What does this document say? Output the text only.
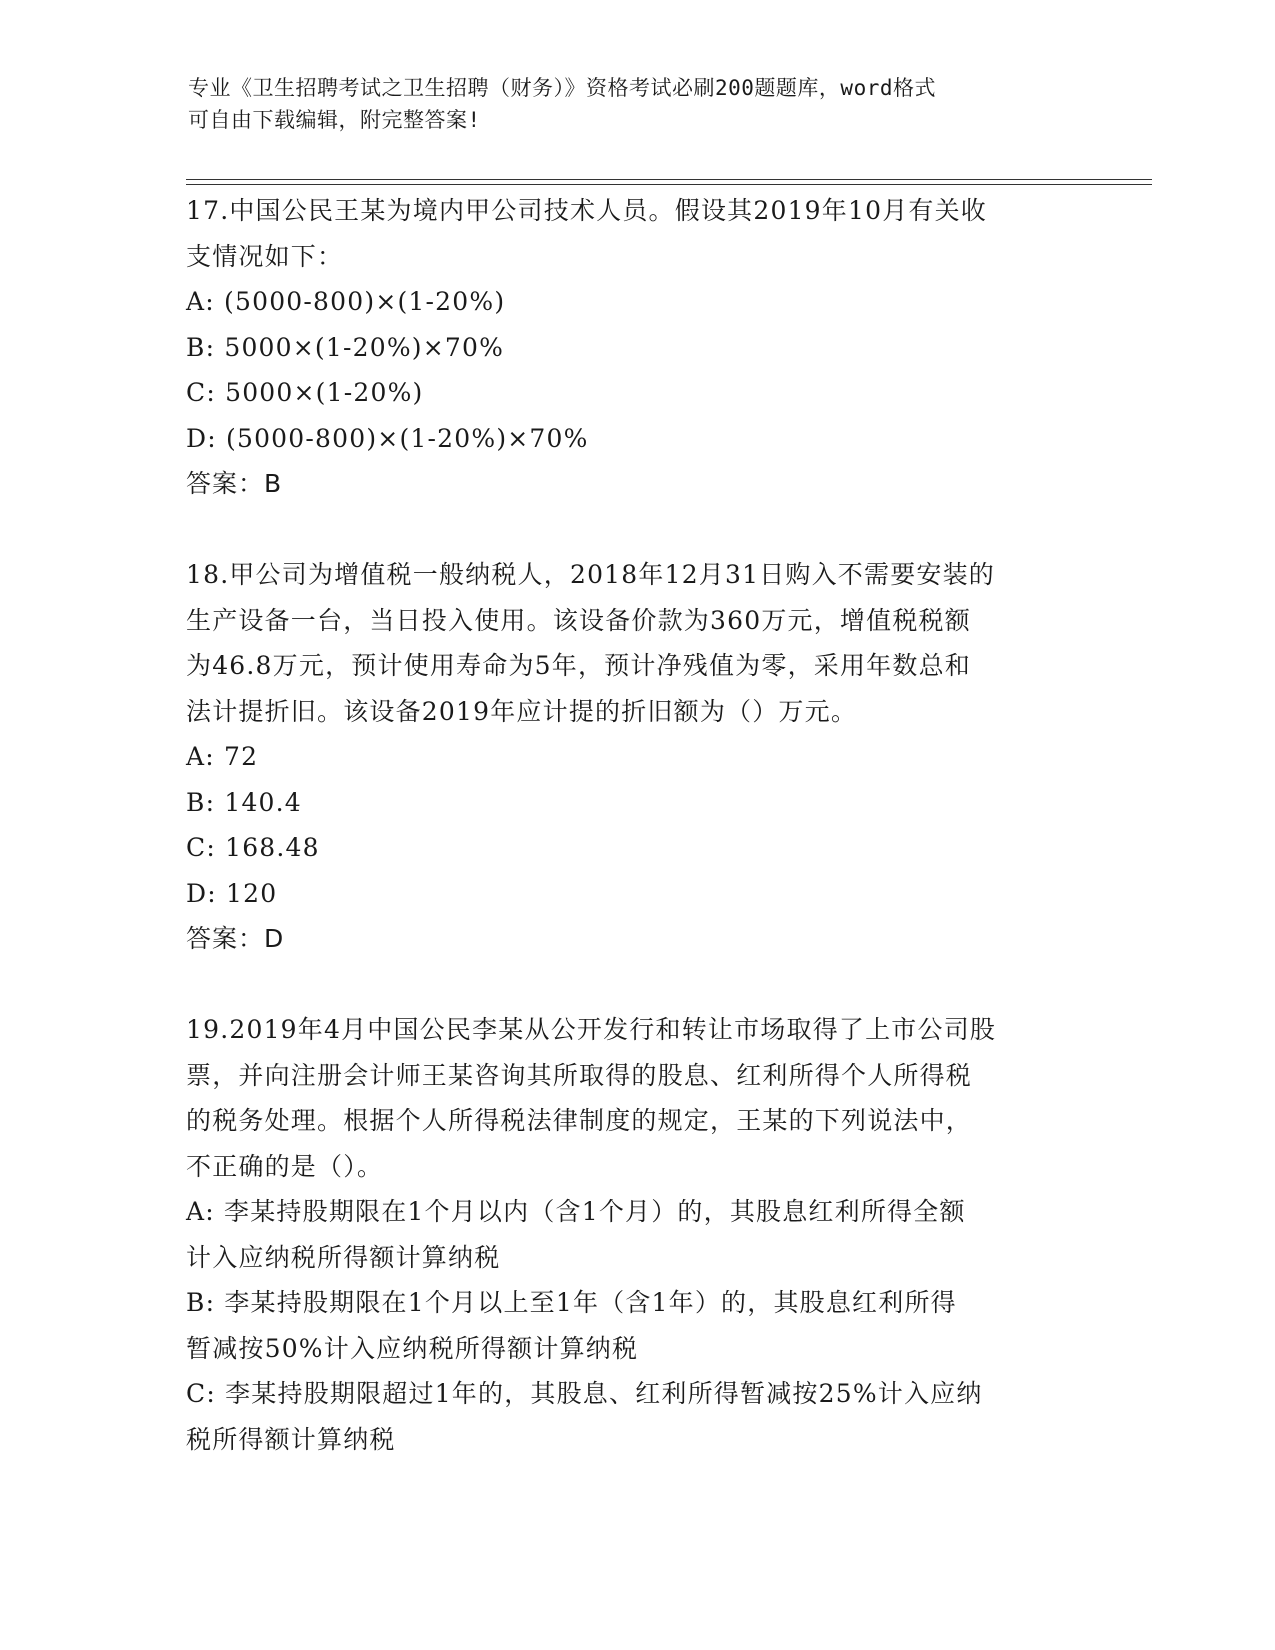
专业《卫生招聘考试之卫生招聘（财务）》资格考试必刷200题题库，word格式
可自由下载编辑，附完整答案!
17.中国公民王某为境内甲公司技术人员。假设其2019年10月有关收
支情况如下：
A: (5000-800)×(1-20%)
B: 5000×(1-20%)×70%
C: 5000×(1-20%)
D: (5000-800)×(1-20%)×70%
答案：B
18.甲公司为增值税一般纳税人，2018年12月31日购入不需要安装的
生产设备一台，当日投入使用。该设备价款为360万元，增值税税额
为46.8万元，预计使用寿命为5年，预计净残值为零，采用年数总和
法计提折旧。该设备2019年应计提的折旧额为（）万元。
A: 72
B: 140.4
C: 168.48
D: 120
答案：D
19.2019年4月中国公民李某从公开发行和转让市场取得了上市公司股
票，并向注册会计师王某咨询其所取得的股息、红利所得个人所得税
的税务处理。根据个人所得税法律制度的规定，王某的下列说法中，
不正确的是（）。
A: 李某持股期限在1个月以内（含1个月）的，其股息红利所得全额
计入应纳税所得额计算纳税
B: 李某持股期限在1个月以上至1年（含1年）的，其股息红利所得
暂减按50%计入应纳税所得额计算纳税
C: 李某持股期限超过1年的，其股息、红利所得暂减按25%计入应纳
税所得额计算纳税
